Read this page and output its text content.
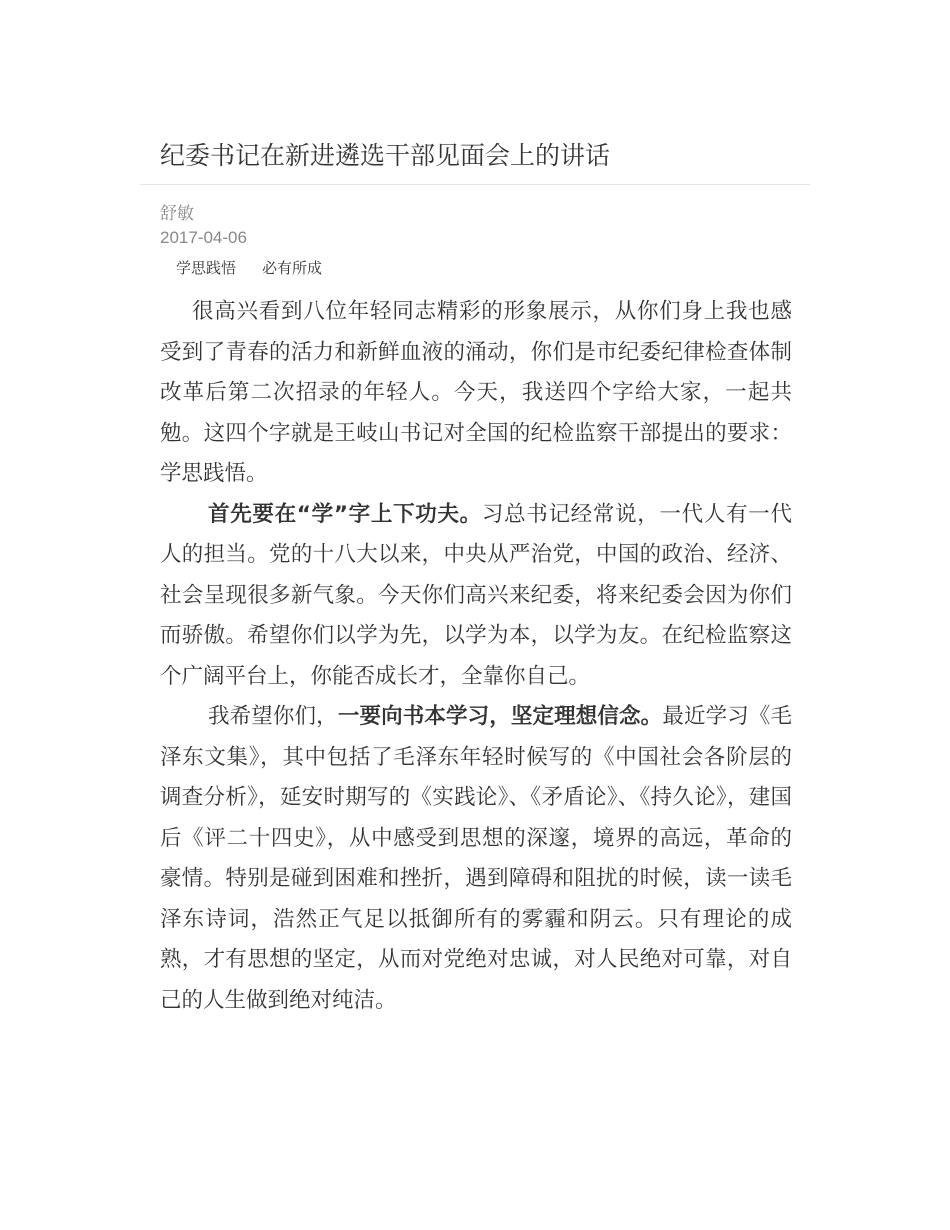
纪委书记在新进遴选干部见面会上的讲话
舒敏
2017-04-06
学思践悟 必有所成

很高兴看到八位年轻同志精彩的形象展示，从你们身上我也感受到了青春的活力和新鲜血液的涌动，你们是市纪委纪律检查体制改革后第二次招录的年轻人。今天，我送四个字给大家，一起共勉。这四个字就是王岐山书记对全国的纪检监察干部提出的要求：学思践悟。

首先要在“学”字上下功夫。习总书记经常说，一代人有一代人的担当。党的十八大以来，中央从严治党，中国的政治、经济、社会呈现很多新气象。今天你们高兴来纪委，将来纪委会因为你们而骄傲。希望你们以学为先，以学为本，以学为友。在纪检监察这个广阔平台上，你能否成长才，全靠你自己。

我希望你们，一要向书本学习，坚定理想信念。最近学习《毛泽东文集》，其中包括了毛泽东年轻时候写的《中国社会各阶层的调查分析》，延安时期写的《实践论》、《矛盾论》、《持久论》，建国后《评二十四史》，从中感受到思想的深邃，境界的高远，革命的豪情。特别是碰到困难和挫折，遇到障碍和阻扰的时候，读一读毛泽东诗词，浩然正气足以抵御所有的雾霾和阴云。只有理论的成熟，才有思想的坚定，从而对党绝对忠诚，对人民绝对可靠，对自己的人生做到绝对纯洁。
